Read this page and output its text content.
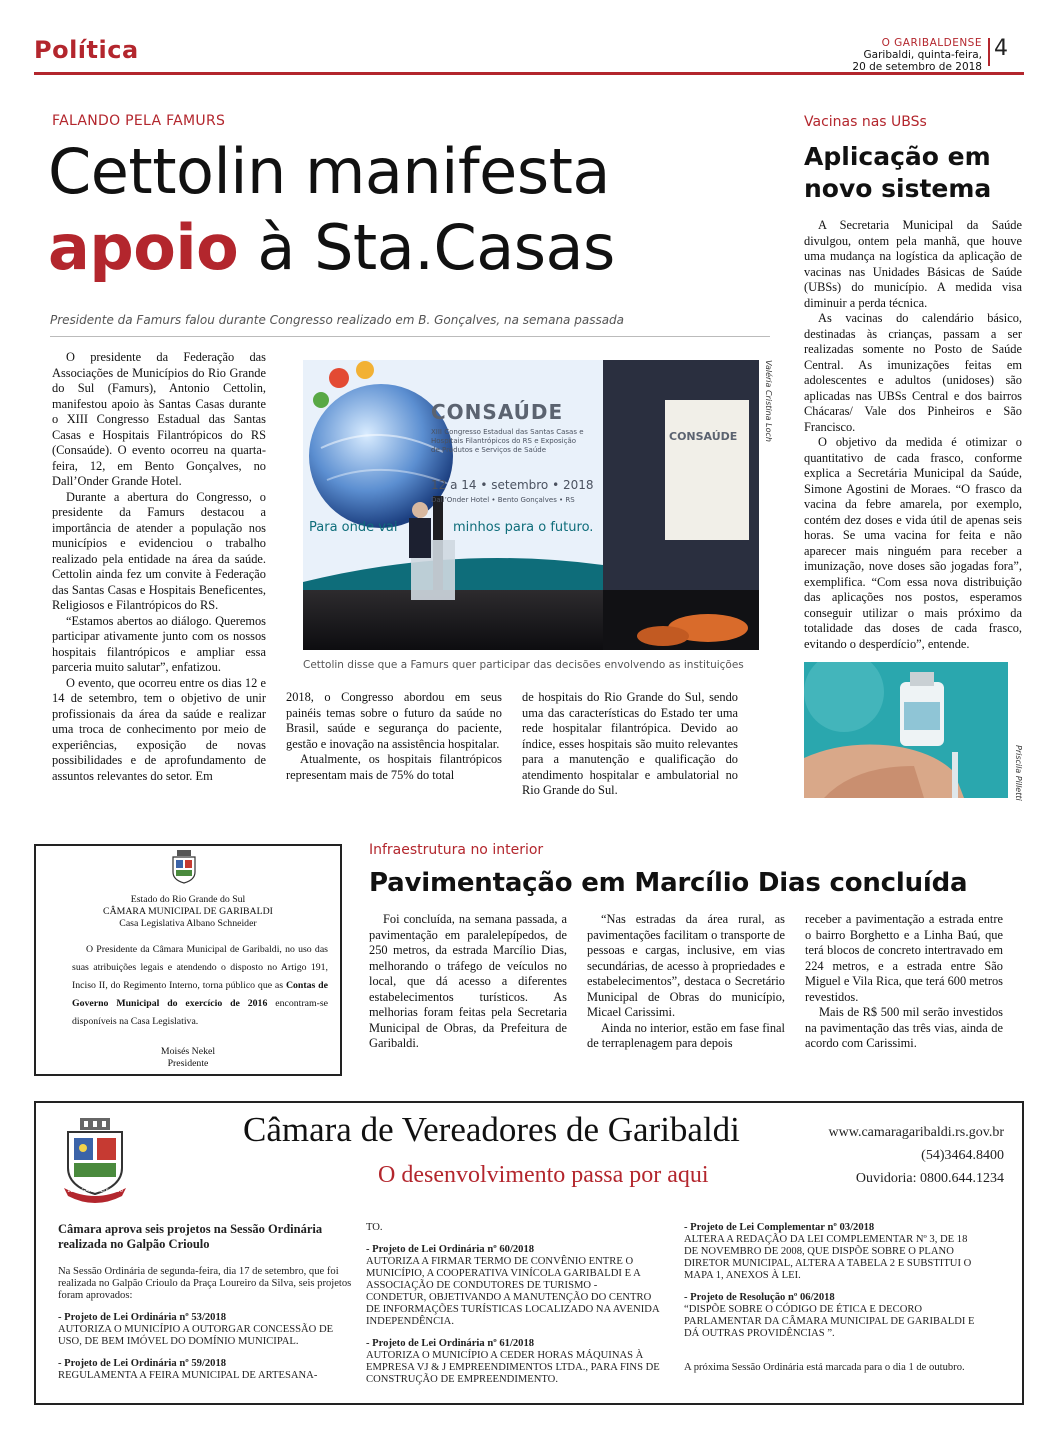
Política	O GARIBALDENSE
Garibaldi, quinta-feira,
20 de setembro de 2018
4
FALANDO PELA FAMURS
Cettolin manifesta
apoio à Sta.Casas
Presidente da Famurs falou durante Congresso realizado em B. Gonçalves, na semana passada

O presidente da Federação das Associações de Municípios do Rio Grande do Sul (Famurs), Antonio Cettolin, manifestou apoio às Santas Casas durante o XIII Congresso Estadual das Santas Casas e Hospitais Filantrópicos do RS (Consaúde). O evento ocorreu na quarta-feira, 12, em Bento Gonçalves, no Dall’Onder Grande Hotel.

Durante a abertura do Congresso, o presidente da Famurs destacou a importância de atender a população nos municípios e evidenciou o trabalho realizado pela entidade na área da saúde. Cettolin ainda fez um convite à Federação das Santas Casas e Hospitais Beneficentes, Religiosos e Filantrópicos do RS.

“Estamos abertos ao diálogo. Queremos participar ativamente junto com os nossos hospitais filantrópicos e ampliar essa parceria muito salutar”, enfatizou.

O evento, que ocorreu entre os dias 12 e 14 de setembro, tem o objetivo de unir profissionais da área da saúde e realizar uma troca de conhecimento por meio de experiências, exposição de novas possibilidades e de aprofundamento de assuntos relevantes do setor. Em

CONSAÚDE
XIII Congresso Estadual das Santas Casas e
Hospitais Filantrópicos do RS e Exposição
de Produtos e Serviços de Saúde
12 a 14 • setembro • 2018
Dall’Onder Hotel • Bento Gonçalves • RS
Para onde vai	minhos para o futuro.
CONSAÚDE	Valéria Cristina Loch
Cettolin disse que a Famurs quer participar das decisões envolvendo as instituições

2018, o Congresso abordou em seus painéis temas sobre o futuro da saúde no Brasil, saúde e segurança do paciente, gestão e inovação na assistência hospitalar.

Atualmente, os hospitais filantrópicos representam mais de 75% do total

de hospitais do Rio Grande do Sul, sendo uma das características do Estado ter uma rede hospitalar filantrópica. Devido ao índice, esses hospitais são muito relevantes para a manutenção e qualificação do atendimento hospitalar e ambulatorial no Rio Grande do Sul.

Vacinas nas UBSs
Aplicação em novo sistema

A Secretaria Municipal da Saúde divulgou, ontem pela manhã, que houve uma mudança na logística da aplicação de vacinas nas Unidades Básicas de Saúde (UBSs) do município. A medida visa diminuir a perda técnica.

As vacinas do calendário básico, destinadas às crianças, passam a ser realizadas somente no Posto de Saúde Central. As imunizações feitas em adolescentes e adultos (unidoses) são aplicadas nas UBSs Central e dos bairros Chácaras/ Vale dos Pinheiros e São Francisco.

O objetivo da medida é otimizar o quantitativo de cada frasco, conforme explica a Secretária Municipal da Saúde, Simone Agostini de Moraes. “O frasco da vacina da febre amarela, por exemplo, contém dez doses e vida útil de apenas seis horas. Se uma vacina for feita e não aparecer mais ninguém para receber a imunização, nove doses são jogadas fora”, exemplifica. “Com essa nova distribuição das aplicações nos postos, esperamos conseguir utilizar o mais próximo da totalidade das doses de cada frasco, evitando o desperdício”, entende.

Priscila Pilletti
Estado do Rio Grande do Sul
CÂMARA MUNICIPAL DE GARIBALDI
Casa Legislativa Albano Schneider

O Presidente da Câmara Municipal de Garibaldi, no uso das suas atribuições legais e atendendo o disposto no Artigo 191, Inciso II, do Regimento Interno, torna público que as Contas de Governo Municipal do exercício de 2016 encontram-se disponíveis na Casa Legislativa.

Moisés Nekel
Presidente
Infraestrutura no interior
Pavimentação em Marcílio Dias concluída

Foi concluída, na semana passada, a pavimentação em paralelepípedos, de 250 metros, da estrada Marcílio Dias, melhorando o tráfego de veículos no local, que dá acesso a diferentes estabelecimentos turísticos. As melhorias foram feitas pela Secretaria Municipal de Obras, da Prefeitura de Garibaldi.

“Nas estradas da área rural, as pavimentações facilitam o transporte de pessoas e cargas, inclusive, em vias secundárias, de acesso à propriedades e estabelecimentos”, destaca o Secretário Municipal de Obras do município, Micael Carissimi.

Ainda no interior, estão em fase final de terraplenagem para depois

receber a pavimentação a estrada entre o bairro Borghetto e a Linha Baú, que terá blocos de concreto intertravado em 224 metros, e a estrada entre São Miguel e Vila Rica, que terá 600 metros revestidos.

Mais de R$ 500 mil serão investidos na pavimentação das três vias, ainda de acordo com Carissimi.

1870 GARIBALDI 1900
Câmara de Vereadores de Garibaldi
O desenvolvimento passa por aqui
www.camaragaribaldi.rs.gov.br
(54)3464.8400
Ouvidoria: 0800.644.1234
Câmara aprova seis projetos na Sessão Ordinária realizada no Galpão Crioulo
Na Sessão Ordinária de segunda-feira, dia 17 de setembro, que foi realizada no Galpão Crioulo da Praça Loureiro da Silva, seis projetos foram aprovados:
- Projeto de Lei Ordinária nº 53/2018
AUTORIZA O MUNICÍPIO A OUTORGAR CONCESSÃO DE USO, DE BEM IMÓVEL DO DOMÍNIO MUNICIPAL.
- Projeto de Lei Ordinária nº 59/2018
REGULAMENTA A FEIRA MUNICIPAL DE ARTESANA-
TO.
- Projeto de Lei Ordinária nº 60/2018
AUTORIZA A FIRMAR TERMO DE CONVÊNIO ENTRE O MUNICÍPIO, A COOPERATIVA VINÍCOLA GARIBALDI E A ASSOCIAÇÃO DE CONDUTORES DE TURISMO - CONDETUR, OBJETIVANDO A MANUTENÇÃO DO CENTRO DE INFORMAÇÕES TURÍSTICAS LOCALIZADO NA AVENIDA INDEPENDÊNCIA.
- Projeto de Lei Ordinária nº 61/2018
AUTORIZA O MUNICÍPIO A CEDER HORAS MÁQUINAS À EMPRESA VJ & J EMPREENDIMENTOS LTDA., PARA FINS DE CONSTRUÇÃO DE EMPREENDIMENTO.
- Projeto de Lei Complementar nº 03/2018
ALTERA A REDAÇÃO DA LEI COMPLEMENTAR Nº 3, DE 18 DE NOVEMBRO DE 2008, QUE DISPÕE SOBRE O PLANO DIRETOR MUNICIPAL, ALTERA A TABELA 2 E SUBSTITUI O MAPA 1, ANEXOS À LEI.
- Projeto de Resolução nº 06/2018
“DISPÕE SOBRE O CÓDIGO DE ÉTICA E DECORO PARLAMENTAR DA CÂMARA MUNICIPAL DE GARIBALDI E DÁ OUTRAS PROVIDÊNCIAS ”.
A próxima Sessão Ordinária está marcada para o dia 1 de outubro.
